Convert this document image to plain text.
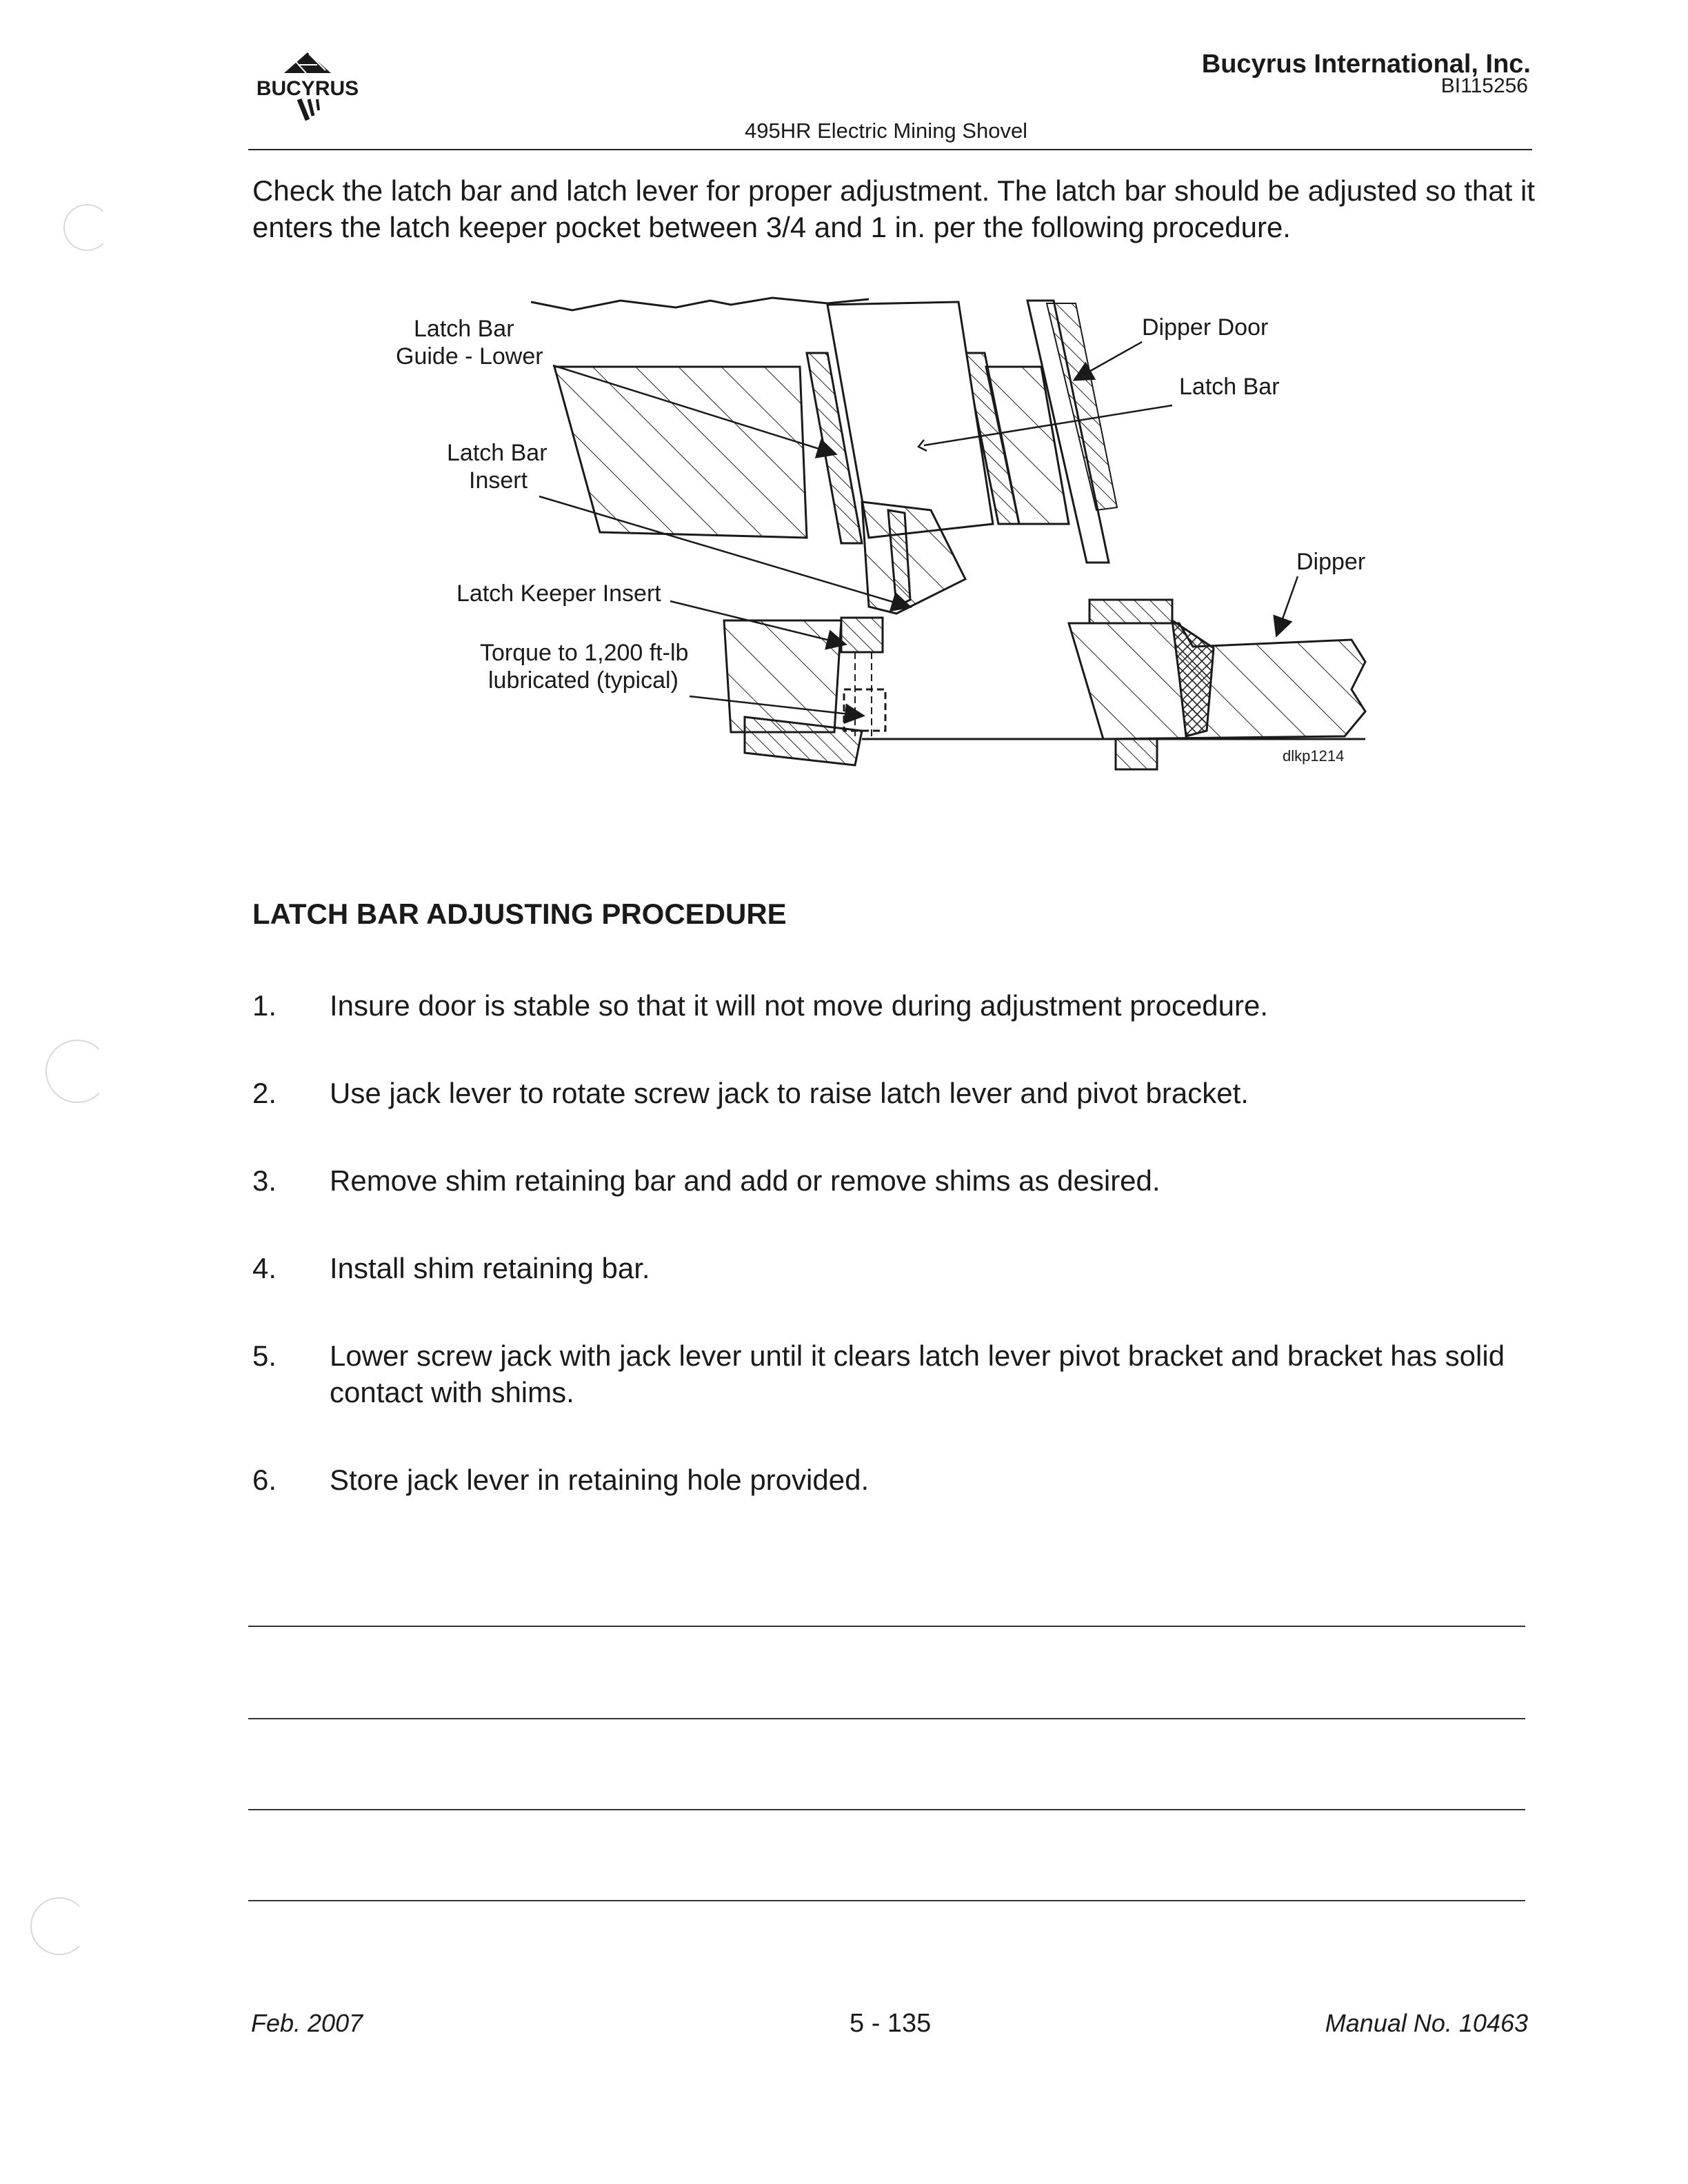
BUCYRUS
Bucyrus International, Inc.
BI115256
495HR Electric Mining Shovel
Check the latch bar and latch lever for proper adjustment. The latch bar should be adjusted so that it enters the latch keeper pocket between 3/4 and 1 in. per the following procedure.
Latch Bar
Guide - Lower
Latch Bar
Insert
Latch Keeper Insert
Torque to 1,200 ft-lb
lubricated (typical)
Dipper Door
Latch Bar
Dipper
dlkp1214
LATCH BAR ADJUSTING PROCEDURE
1. Insure door is stable so that it will not move during adjustment procedure.
2. Use jack lever to rotate screw jack to raise latch lever and pivot bracket.
3. Remove shim retaining bar and add or remove shims as desired.
4. Install shim retaining bar.
5. Lower screw jack with jack lever until it clears latch lever pivot bracket and bracket has solid contact with shims.
6. Store jack lever in retaining hole provided.
Feb. 2007	5 - 135	Manual No. 10463
